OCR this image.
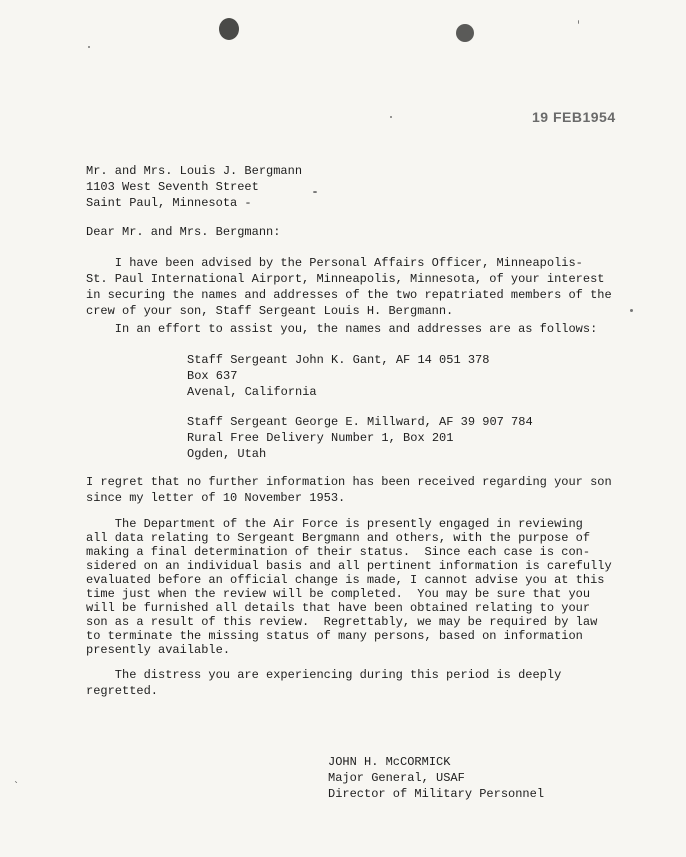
`
19 FEB1954
Mr. and Mrs. Louis J. Bergmann
1103 West Seventh Street
Saint Paul, Minnesota -
Dear Mr. and Mrs. Bergmann:
I have been advised by the Personal Affairs Officer, Minneapolis-
St. Paul International Airport, Minneapolis, Minnesota, of your interest
in securing the names and addresses of the two repatriated members of the
crew of your son, Staff Sergeant Louis H. Bergmann.
In an effort to assist you, the names and addresses are as follows:
Staff Sergeant John K. Gant, AF 14 051 378
Box 637
Avenal, California
Staff Sergeant George E. Millward, AF 39 907 784
Rural Free Delivery Number 1, Box 201
Ogden, Utah
I regret that no further information has been received regarding your son
since my letter of 10 November 1953.
The Department of the Air Force is presently engaged in reviewing
all data relating to Sergeant Bergmann and others, with the purpose of
making a final determination of their status.  Since each case is con-
sidered on an individual basis and all pertinent information is carefully
evaluated before an official change is made, I cannot advise you at this
time just when the review will be completed.  You may be sure that you
will be furnished all details that have been obtained relating to your
son as a result of this review.  Regrettably, we may be required by law
to terminate the missing status of many persons, based on information
presently available.
The distress you are experiencing during this period is deeply
regretted.
JOHN H. McCORMICK
Major General, USAF
Director of Military Personnel
